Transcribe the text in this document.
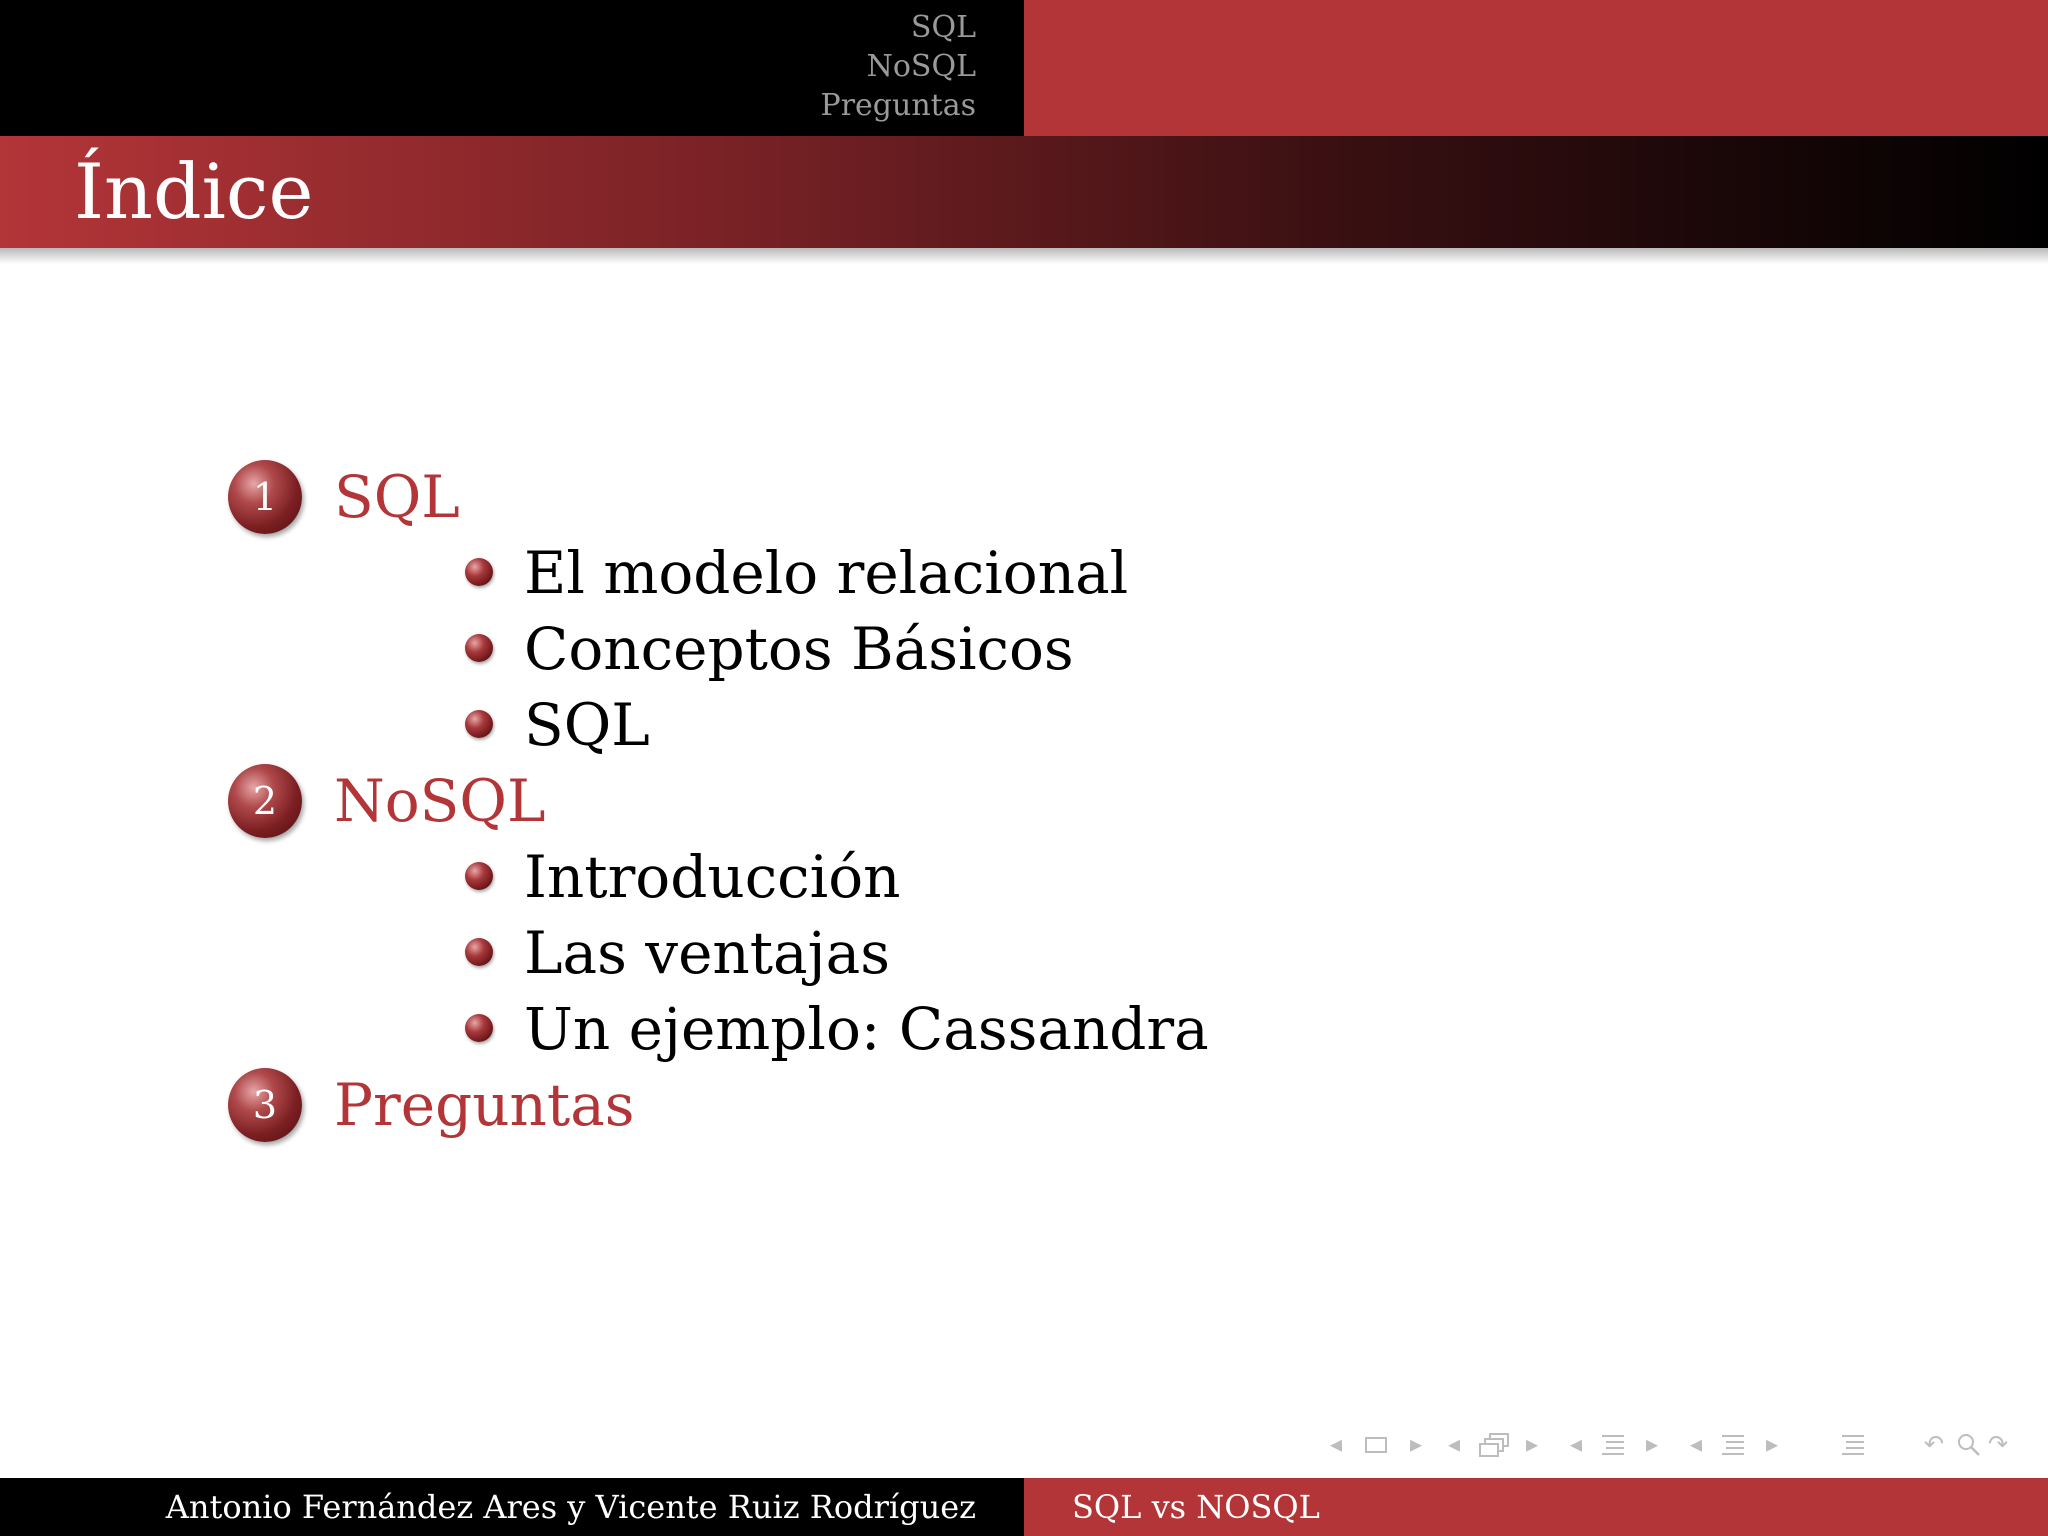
SQL
NoSQL
Preguntas
Índice
1 SQL
El modelo relacional
Conceptos Básicos
SQL
2 NoSQL
Introducción
Las ventajas
Un ejemplo: Cassandra
3 Preguntas
◂	▸ ◂	▸ ◂	▸ ◂	▸	↶ ↷
Antonio Fernández Ares y Vicente Ruiz Rodríguez	SQL vs NOSQL
